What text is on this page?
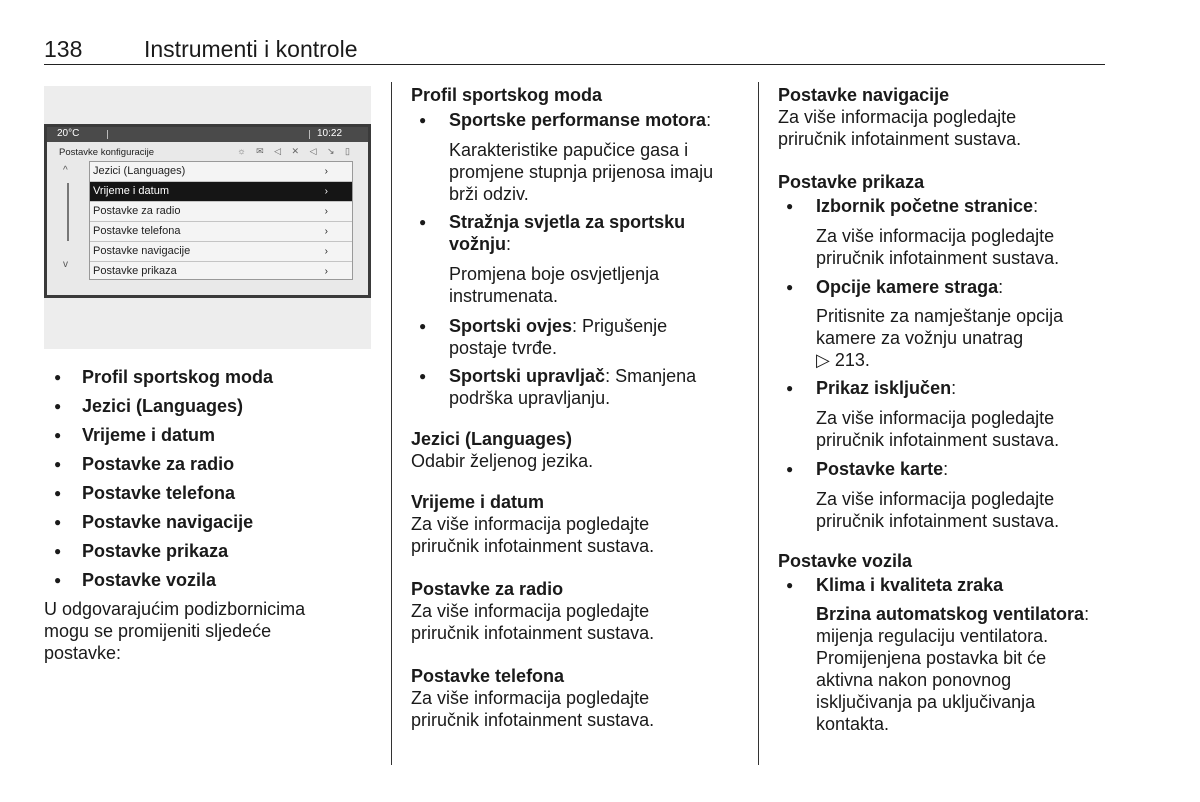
138	Instrumenti i kontrole
20°C	10:22
Postavke konfiguracije	☼ ✉ ◁ ✕ ◁ ↘ ▯
^
v
Jezici (Languages)	›
Vrijeme i datum	›
Postavke za radio	›
Postavke telefona	›
Postavke navigacije	›
Postavke prikaza	›
● Profil sportskog moda
● Jezici (Languages)
● Vrijeme i datum
● Postavke za radio
● Postavke telefona
● Postavke navigacije
● Postavke prikaza
● Postavke vozila
U odgovarajućim podizbornicima
mogu se promijeniti sljedeće
postavke:
Profil sportskog moda
● Sportske performanse motora:
Karakteristike papučice gasa i
promjene stupnja prijenosa imaju
brži odziv.
● Stražnja svjetla za sportsku
vožnju:
Promjena boje osvjetljenja
instrumenata.
● Sportski ovjes: Prigušenje
postaje tvrđe.
● Sportski upravljač: Smanjena
podrška upravljanju.
Jezici (Languages)
Odabir željenog jezika.
Vrijeme i datum
Za više informacija pogledajte
priručnik infotainment sustava.
Postavke za radio
Za više informacija pogledajte
priručnik infotainment sustava.
Postavke telefona
Za više informacija pogledajte
priručnik infotainment sustava.
Postavke navigacije
Za više informacija pogledajte
priručnik infotainment sustava.
Postavke prikaza
● Izbornik početne stranice:
Za više informacija pogledajte
priručnik infotainment sustava.
● Opcije kamere straga:
Pritisnite za namještanje opcija
kamere za vožnju unatrag
▷ 213.
● Prikaz isključen:
Za više informacija pogledajte
priručnik infotainment sustava.
● Postavke karte:
Za više informacija pogledajte
priručnik infotainment sustava.
Postavke vozila
● Klima i kvaliteta zraka
Brzina automatskog ventilatora:
mijenja regulaciju ventilatora.
Promijenjena postavka bit će
aktivna nakon ponovnog
isključivanja pa uključivanja
kontakta.
